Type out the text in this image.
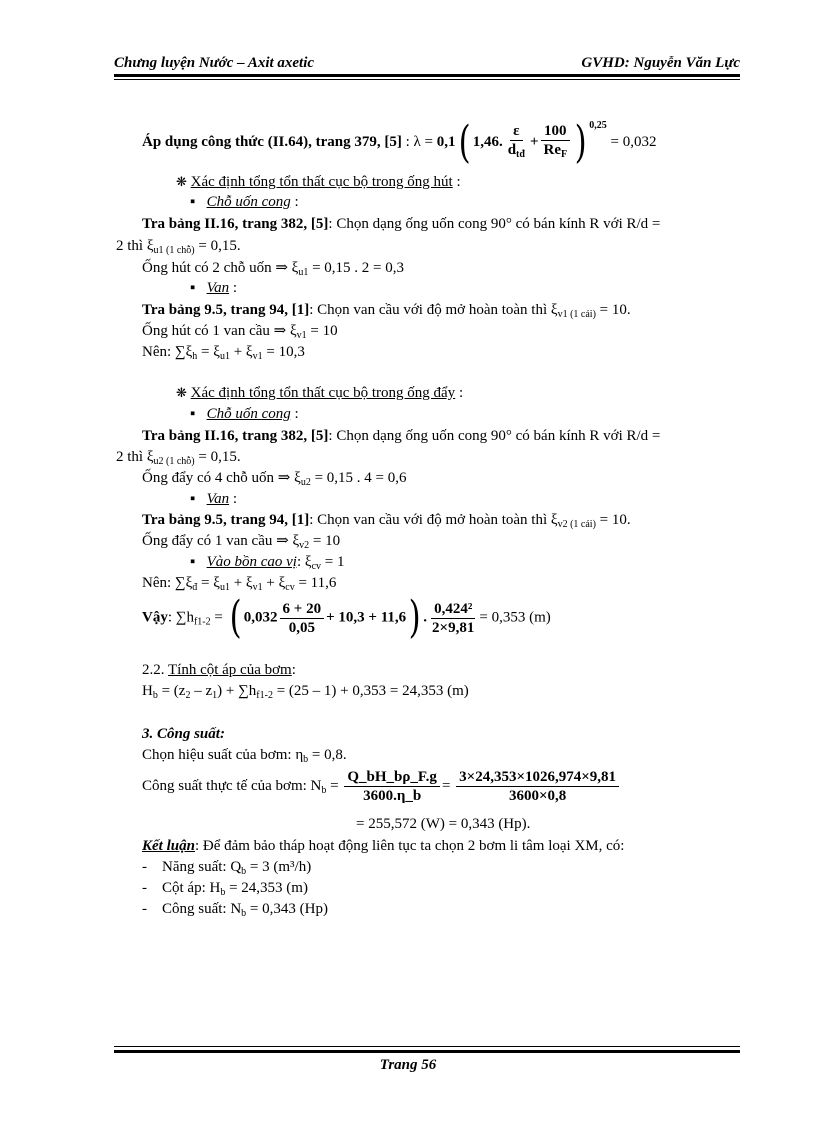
Chưng luyện Nước – Axit axetic	GVHD: Nguyễn Văn Lực
Áp dụng công thức (II.64), trang 379, [5] : λ = 0,1( 1,46. $\frac{\varepsilon}{d_{tđ}} + \frac{100}{Re_F}$ ) $^{0,25}$ = 0,032
❋ Xác định tổng tổn thất cục bộ trong ống hút :
▪   Chỗ uốn cong :
Tra bảng II.16, trang 382, [5]: Chọn dạng ống uốn cong 90° có bán kính R với R/d =
2 thì $\xi_{u1 (1 chỗ)} = 0,15$.
Ống hút có 2 chỗ uốn ⇒ $\xi_{u1} = 0,15$ . 2 = 0,3
▪   Van :
Tra bảng 9.5, trang 94, [1]: Chọn van cầu với độ mở hoàn toàn thì $\xi_{v1 (1 cái)} = 10$.
Ống hút có 1 van cầu ⇒ $\xi_{v1} = 10$
Nên: $\sum\xi_h = \xi_{u1} + \xi_{v1} = 10,3$
❋ Xác định tổng tổn thất cục bộ trong ống đẩy :
▪   Chỗ uốn cong :
Tra bảng II.16, trang 382, [5]: Chọn dạng ống uốn cong 90° có bán kính R với R/d =
2 thì $\xi_{u2 (1 chỗ)} = 0,15$.
Ống đẩy có 4 chỗ uốn ⇒ $\xi_{u2} = 0,15$ . 4 = 0,6
▪   Van :
Tra bảng 9.5, trang 94, [1]: Chọn van cầu với độ mở hoàn toàn thì $\xi_{v2 (1 cái)} = 10$.
Ống đẩy có 1 van cầu ⇒ $\xi_{v2} = 10$
▪   Vào bồn cao vị: $\xi_{cv} = 1$
Nên: $\sum\xi_đ = \xi_{u1} + \xi_{v1} + \xi_{cv} = 11,6$
Vậy: $\sum h_{f1-2}$ = ( $0,032 \frac{6 + 20}{0,05} + 10,3 + 11,6$) . $\frac{\text{0,424²}}{2\times 9,81} = 0,353$ (m)
2.2. Tính cột áp của bơm:
$H_b = (z_2 - z_1) + \sum h_{f1-2} = (25 - 1) + 0,353 = 24,353$ (m)
3. Công suất:
Chọn hiệu suất của bơm: $\eta_b = 0,8$.
Công suất thực tế của bơm: $N_b = \frac{Q\_bH\_b\rho\_F.g}{3600.\eta\_b} = \frac{3\times 24,353\times 1026,974\times 9,81}{3600\times 0,8}$
= 255,572 (W) = 0,343 (Hp).
Kết luận: Để đảm bảo tháp hoạt động liên tục ta chọn 2 bơm li tâm loại XM, có:
-    Năng suất: $Q_b = 3$ (m³/h)
-    Cột áp: $H_b = 24,353$ (m)
-    Công suất: $N_b = 0,343$ (Hp)
Trang 56
